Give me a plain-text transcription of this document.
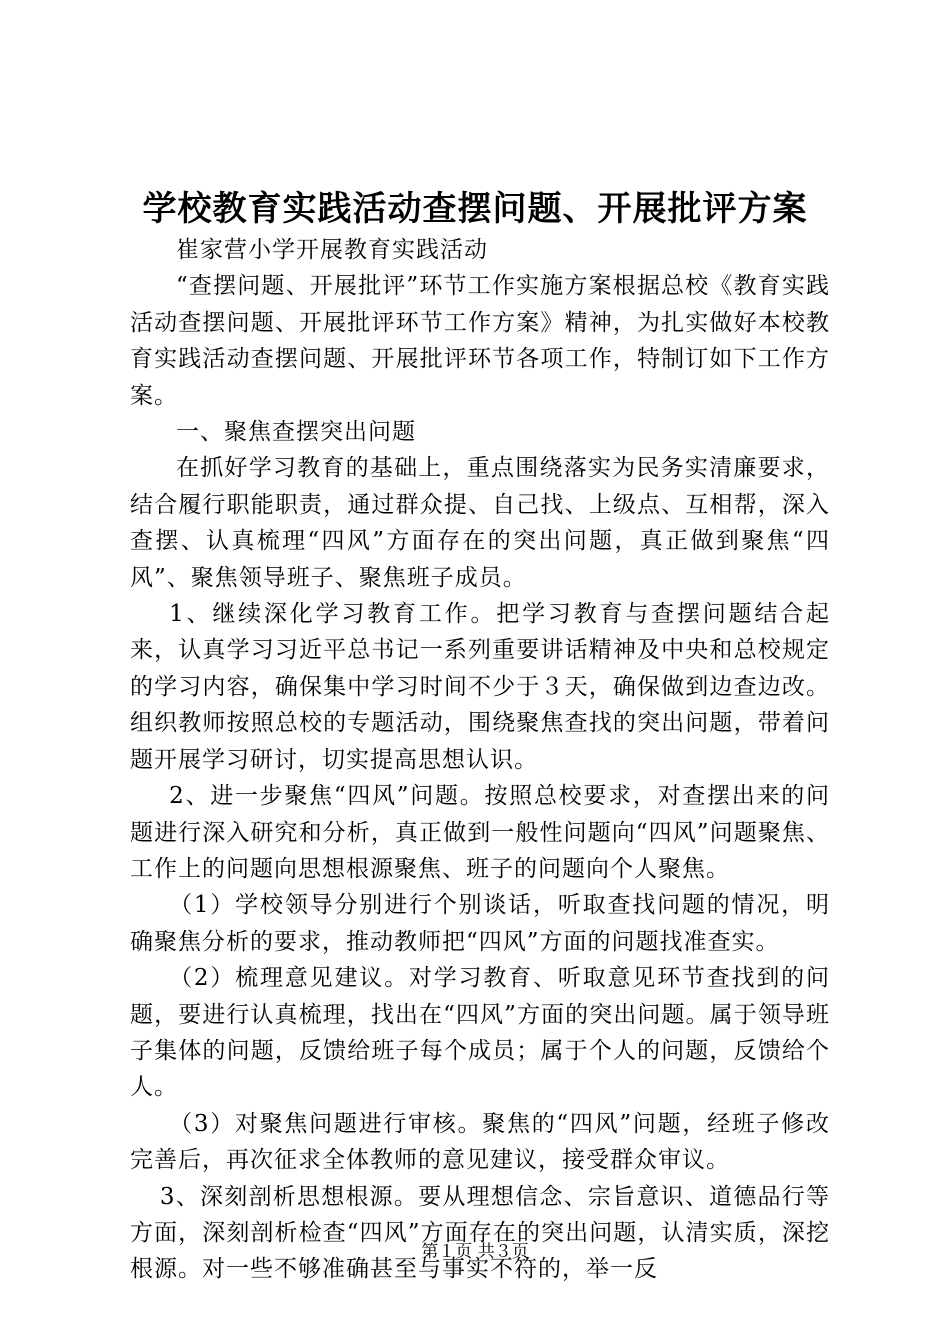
学校教育实践活动查摆问题、开展批评方案

崔家营小学开展教育实践活动

“查摆问题、开展批评”环节工作实施方案根据总校《教育实践活动查摆问题、开展批评环节工作方案》精神，为扎实做好本校教育实践活动查摆问题、开展批评环节各项工作，特制订如下工作方案。

一、聚焦查摆突出问题

在抓好学习教育的基础上，重点围绕落实为民务实清廉要求，结合履行职能职责，通过群众提、自己找、上级点、互相帮，深入查摆、认真梳理“四风”方面存在的突出问题，真正做到聚焦“四风”、聚焦领导班子、聚焦班子成员。

1、继续深化学习教育工作。把学习教育与查摆问题结合起来，认真学习习近平总书记一系列重要讲话精神及中央和总校规定的学习内容，确保集中学习时间不少于３天，确保做到边查边改。组织教师按照总校的专题活动，围绕聚焦查找的突出问题，带着问题开展学习研讨，切实提高思想认识。

2、进一步聚焦“四风”问题。按照总校要求，对查摆出来的问题进行深入研究和分析，真正做到一般性问题向“四风”问题聚焦、工作上的问题向思想根源聚焦、班子的问题向个人聚焦。

（1）学校领导分别进行个别谈话，听取查找问题的情况，明确聚焦分析的要求，推动教师把“四风”方面的问题找准查实。

（2）梳理意见建议。对学习教育、听取意见环节查找到的问题，要进行认真梳理，找出在“四风”方面的突出问题。属于领导班子集体的问题，反馈给班子每个成员；属于个人的问题，反馈给个人。

（3）对聚焦问题进行审核。聚焦的“四风”问题，经班子修改完善后，再次征求全体教师的意见建议，接受群众审议。

3、深刻剖析思想根源。要从理想信念、宗旨意识、道德品行等方面，深刻剖析检查“四风”方面存在的突出问题，认清实质，深挖根源。对一些不够准确甚至与事实不符的，举一反

第１页 共３页
